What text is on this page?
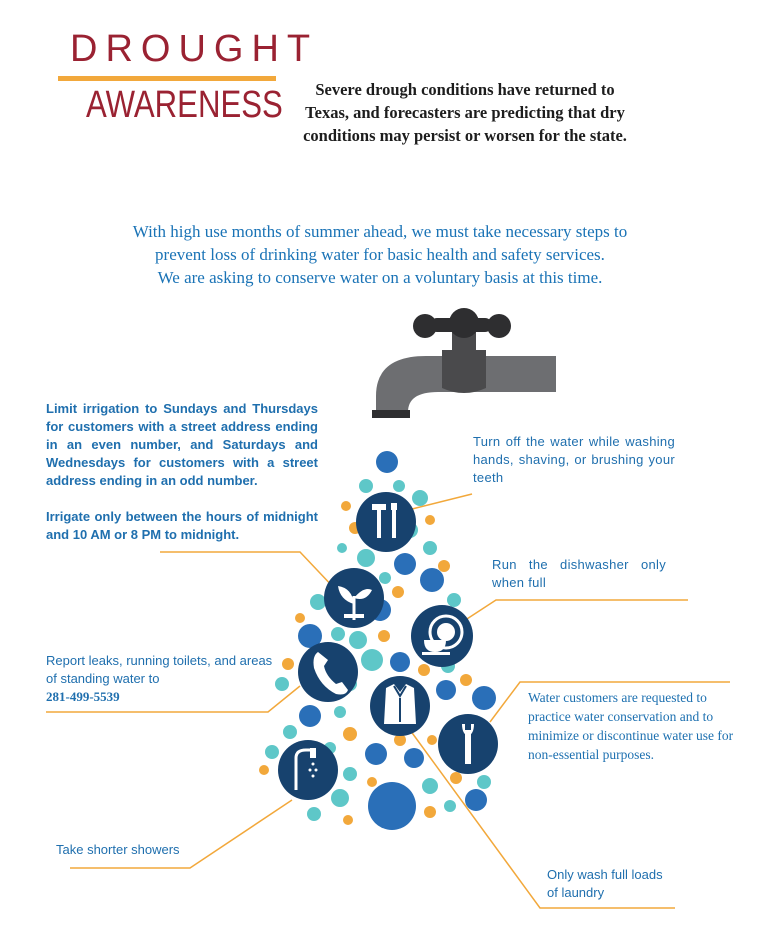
DROUGHT
AWARENESS	Severe drough conditions have returned to Texas, and forecasters are predicting that dry conditions may persist or worsen for the state.
With high use months of summer ahead, we must take necessary steps to
prevent loss of drinking water for basic health and safety services.
We are asking to conserve water on a voluntary basis at this time.
Limit irrigation to Sundays and Thursdays for customers with a street address ending in an even number, and Saturdays and Wednesdays for customers with a street address ending in an odd number.
Irrigate only between the hours of midnight and 10 AM or 8 PM to midnight.
Turn off the water while washing hands, shaving, or brushing your teeth
Run the dishwasher only when full
Report leaks, running toilets, and areas of standing water to
281-499-5539	Water customers are requested to practice water conservation and to minimize or discontinue water use for non-essential purposes.
Take shorter showers
Only wash full loads of laundry
